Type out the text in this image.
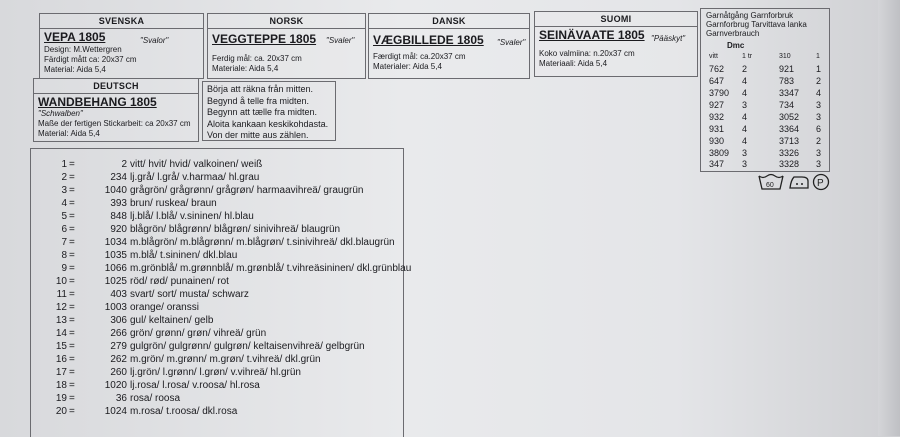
SVENSKA
VEPA 1805	"Svalor"
Design: M.Wettergren
Färdigt mått ca: 20x37 cm
Material: Aida 5,4
NORSK
VEGGTEPPE 1805 "Svaler"
Ferdig mål: ca. 20x37 cm
Materiale: Aida 5,4
DANSK
VÆGBILLEDE 1805 "Svaler"
Færdigt mål: ca.20x37 cm
Materialer: Aida 5,4
SUOMI
SEINÄVAATE 1805 "Pääskyt"
Koko valmiina: n.20x37 cm
Materiaali: Aida 5,4
DEUTSCH
WANDBEHANG 1805
"Schwalben"
Maße der fertigen Stickarbeit: ca 20x37 cm
Material: Aida 5,4
Börja att räkna från mitten.
Begynd å telle fra midten.
Begynn att tælle fra midten.
Aloita kankaan keskikohdasta.
Von der mitte aus zählen.
1 =	2 vitt/ hvit/ hvid/ valkoinen/ weiß
2 =	234 lj.grå/ l.grå/ v.harmaa/ hl.grau
3 =	1040 grågrön/ grågrønn/ grågrøn/ harmaavihreä/ graugrün
4 =	393 brun/ ruskea/ braun
5 =	848 lj.blå/ l.blå/ v.sininen/ hl.blau
6 =	920 blågrön/ blågrønn/ blågrøn/ sinivihreä/ blaugrün
7 =	1034 m.blågrön/ m.blågrønn/ m.blågrøn/ t.sinivihreä/ dkl.blaugrün
8 =	1035 m.blå/ t.sininen/ dkl.blau
9 =	1066 m.grönblå/ m.grønnblå/ m.grønblå/ t.vihreäsininen/ dkl.grünblau
10 =	1025 röd/ rød/ punainen/ rot
11 =	403 svart/ sort/ musta/ schwarz
12 =	1003 orange/ oranssi
13 =	306 gul/ keltainen/ gelb
14 =	266 grön/ grønn/ grøn/ vihreä/ grün
15 =	279 gulgrön/ gulgrønn/ gulgrøn/ keltaisenvihreä/ gelbgrün
16 =	262 m.grön/ m.grønn/ m.grøn/ t.vihreä/ dkl.grün
17 =	260 lj.grön/ l.grønn/ l.grøn/ v.vihreä/ hl.grün
18 =	1020 lj.rosa/ l.rosa/ v.roosa/ hl.rosa
19 =	36 rosa/ roosa
20 =	1024 m.rosa/ t.roosa/ dkl.rosa
Garnåtgång Garnforbruk
Garnforbrug Tarvittava lanka
Garnverbrauch
Dmc
vitt	1 tr	310	1
762 2	921 1
647 4	783 2
3790 4	3347 4
927 3	734 3
932 4	3052 3
931 4	3364 6
930 4	3713 2
3809 3	3326 3
347 3	3328 3
60	P
